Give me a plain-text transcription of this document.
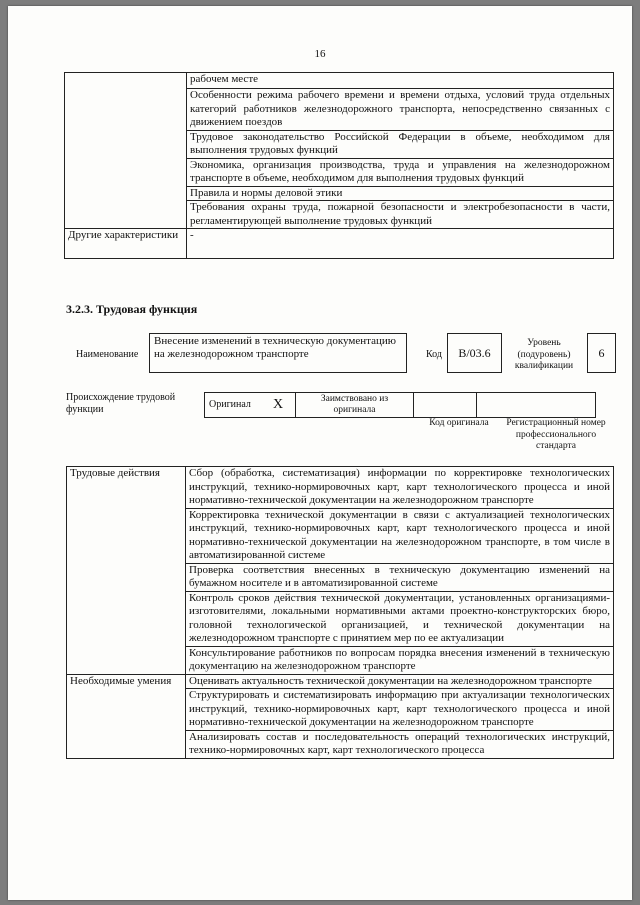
16
	рабочем месте
	Особенности режима рабочего времени и времени отдыха, условий труда отдельных категорий работников железнодорожного транспорта, непосредственно связанных с движением поездов
	Трудовое законодательство Российской Федерации в объеме, необходимом для выполнения трудовых функций
	Экономика, организация производства, труда и управления на железнодорожном транспорте в объеме, необходимом для выполнения трудовых функций
	Правила и нормы деловой этики
	Требования охраны труда, пожарной безопасности и электробезопасности в части, регламентирующей выполнение трудовых функций
Другие характеристики	-
3.2.3. Трудовая функция
Наименование
Внесение изменений в техническую документацию на железнодорожном транспорте	Код	В/03.6
Уровень (подуровень) квалификации
6
Происхождение трудовой функции	Оригинал	X	Заимствовано из оригинала		
Код оригинала	Регистрационный номер профессионального стандарта
Трудовые действия	Сбор (обработка, систематизация) информации по корректировке технологических инструкций, технико-нормировочных карт, карт технологического процесса и иной нормативно-технической документации на железнодорожном транспорте
	Корректировка технической документации в связи с актуализацией технологических инструкций, технико-нормировочных карт, карт технологического процесса и иной нормативно-технической документации на железнодорожном транспорте, в том числе в автоматизированной системе
	Проверка соответствия внесенных в техническую документацию изменений на бумажном носителе и в автоматизированной системе
	Контроль сроков действия технической документации, установленных организациями-изготовителями, локальными нормативными актами проектно-конструкторских бюро, головной технологической организацией, и технической документации на железнодорожном транспорте с принятием мер по ее актуализации
	Консультирование работников по вопросам порядка внесения изменений в техническую документацию на железнодорожном транспорте
Необходимые умения	Оценивать актуальность технической документации на железнодорожном транспорте
	Структурировать и систематизировать информацию при актуализации технологических инструкций, технико-нормировочных карт, карт технологического процесса и иной нормативно-технической документации на железнодорожном транспорте
	Анализировать состав и последовательность операций технологических инструкций, технико-нормировочных карт, карт технологического процесса
